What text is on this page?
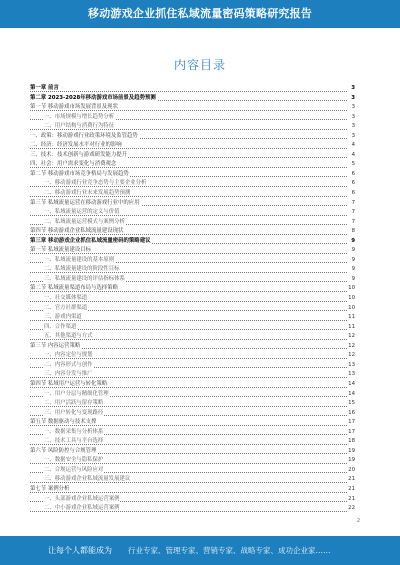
移动游戏企业抓住私域流量密码策略研究报告
内容目录
第一章 前言	3
第二章 2023-2028年移动游戏市场前景及趋势预测	3
第一节 移动游戏市场发展背景及现状	3
一、市场规模与增长趋势分析	3
二、用户结构与消费行为特征	3
一、政策：移动游戏行业政策环境及监管趋势	3
二、经济：经济发展水平对行业的影响	4
三、技术：技术创新与游戏研发能力提升	4
四、社会：用户需求变化与消费观念	5
第二节 移动游戏市场竞争格局与发展趋势	6
一、移动游戏行业竞争态势与主要企业分析	6
二、移动游戏行业未来发展趋势预测	6
第三节 私域流量运营在移动游戏行业中的应用	7
一、私域流量运营的定义与价值	7
二、私域流量运营模式与案例分析	7
第四节 移动游戏企业私域流量建设现状	8
第三章 移动游戏企业抓住私域流量密码的策略建议	9
第一节 私域流量建设目标	9
一、私域流量建设的基本原则	9
二、私域流量建设的阶段性目标	9
三、私域流量建设的评估指标体系	9
第二节 私域流量渠道布局与选择策略	10
一、社交媒体渠道	10
二、官方社群渠道	10
三、游戏内渠道	11
四、合作渠道	11
五、其他渠道与方式	12
第三节 内容运营策略	12
一、内容定位与规划	12
二、内容形式与创作	13
三、内容分发与推广	13
第四节 私域用户运营与转化策略	14
一、用户分层与精细化管理	14
二、用户活跃与留存策略	15
三、用户转化与变现路径	16
第五节 数据驱动与技术支撑	17
一、数据采集与分析体系	17
二、技术工具与平台选择	18
第六节 风险防控与合规管理	19
一、数据安全与隐私保护	19
二、合规运营与风险应对	20
三、移动游戏企业私域流量发展建议	21
第七节 案例分析	21
一、头部游戏企业私域运营案例	21
二、中小游戏企业私域运营案例	22
2
让每个人都能成为 行业专家、管理专家、营销专家、战略专家、成功企业家……
